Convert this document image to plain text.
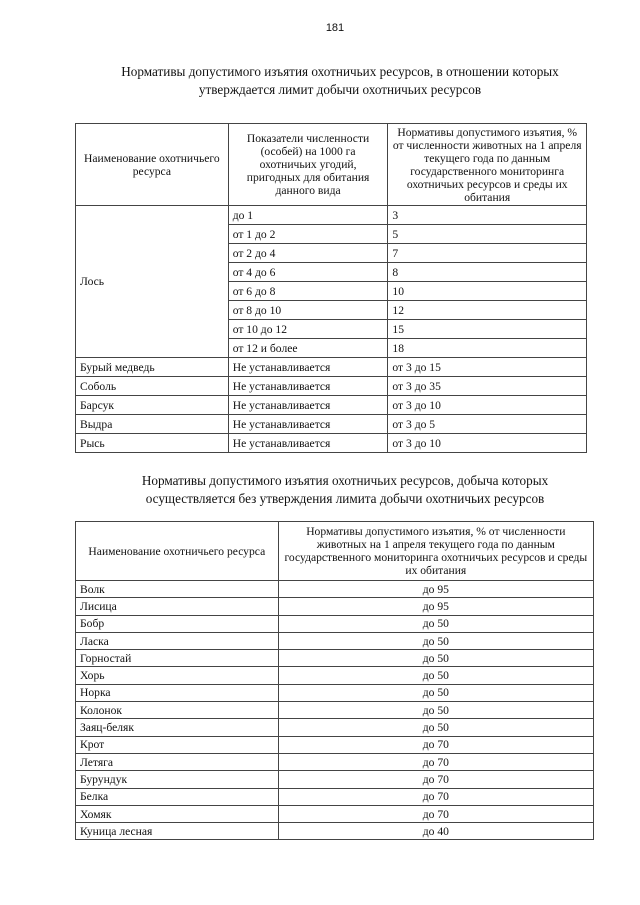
181
Нормативы допустимого изъятия охотничьих ресурсов, в отношении которых
утверждается лимит добычи охотничьих ресурсов
Наименование охотничьего ресурса	Показатели численности (особей) на 1000 га охотничьих угодий, пригодных для обитания данного вида	Нормативы допустимого изъятия, % от численности животных на 1 апреля текущего года по данным государственного мониторинга охотничьих ресурсов и среды их обитания
Лось	до 1	3
	от 1 до 2	5
	от 2 до 4	7
	от 4 до 6	8
	от 6 до 8	10
	от 8 до 10	12
	от 10 до 12	15
	от 12 и более	18
Бурый медведь	Не устанавливается	от 3 до 15
Соболь	Не устанавливается	от 3 до 35
Барсук	Не устанавливается	от 3 до 10
Выдра	Не устанавливается	от 3 до 5
Рысь	Не устанавливается	от 3 до 10
Нормативы допустимого изъятия охотничьих ресурсов, добыча которых
осуществляется без утверждения лимита добычи охотничьих ресурсов
Наименование охотничьего ресурса	Нормативы допустимого изъятия, % от численности животных на 1 апреля текущего года по данным государственного мониторинга охотничьих ресурсов и среды их обитания
Волк	до 95
Лисица	до 95
Бобр	до 50
Ласка	до 50
Горностай	до 50
Хорь	до 50
Норка	до 50
Колонок	до 50
Заяц-беляк	до 50
Крот	до 70
Летяга	до 70
Бурундук	до 70
Белка	до 70
Хомяк	до 70
Куница лесная	до 40
